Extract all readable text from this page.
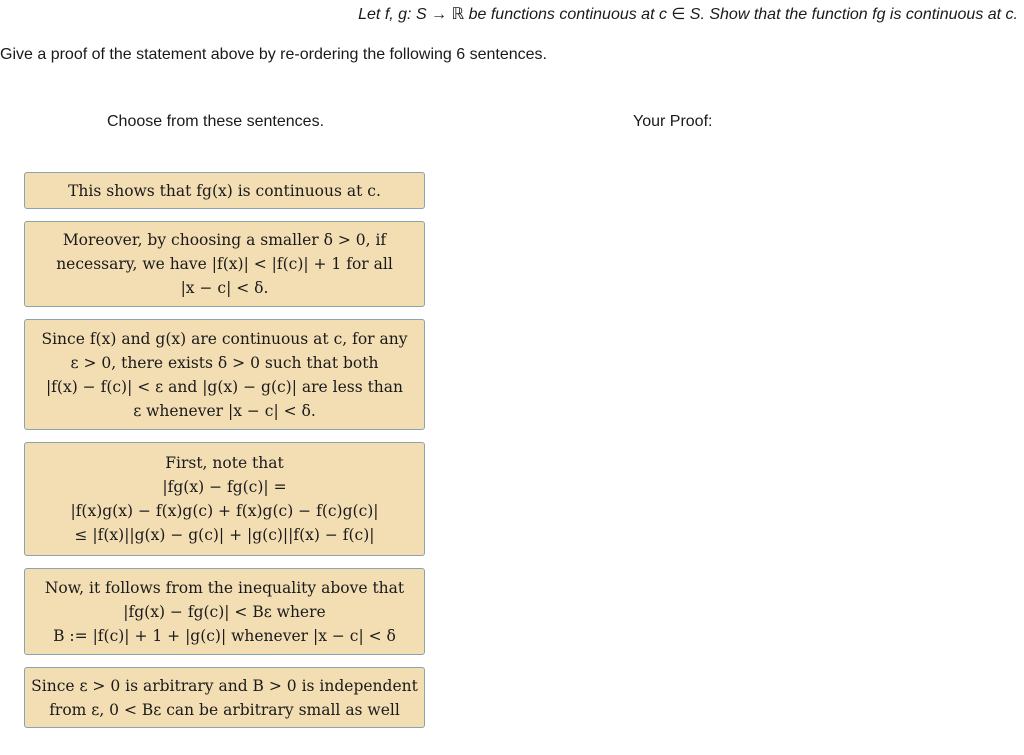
Let f, g: S → ℝ be functions continuous at c ∈ S. Show that the function fg is continuous at c.
Give a proof of the statement above by re-ordering the following 6 sentences.
Choose from these sentences.	Your Proof:
This shows that fg(x) is continuous at c.
Moreover, by choosing a smaller δ > 0, if
necessary, we have |f(x)| < |f(c)| + 1 for all
|x − c| < δ.
Since f(x) and g(x) are continuous at c, for any
ε > 0, there exists δ > 0 such that both
|f(x) − f(c)| < ε and |g(x) − g(c)| are less than
ε whenever |x − c| < δ.
First, note that
|fg(x) − fg(c)| =
|f(x)g(x) − f(x)g(c) + f(x)g(c) − f(c)g(c)|
≤ |f(x)||g(x) − g(c)| + |g(c)||f(x) − f(c)|
Now, it follows from the inequality above that
|fg(x) − fg(c)| < Bε where
B := |f(c)| + 1 + |g(c)| whenever |x − c| < δ
Since ε > 0 is arbitrary and B > 0 is independent
from ε, 0 < Bε can be arbitrary small as well
